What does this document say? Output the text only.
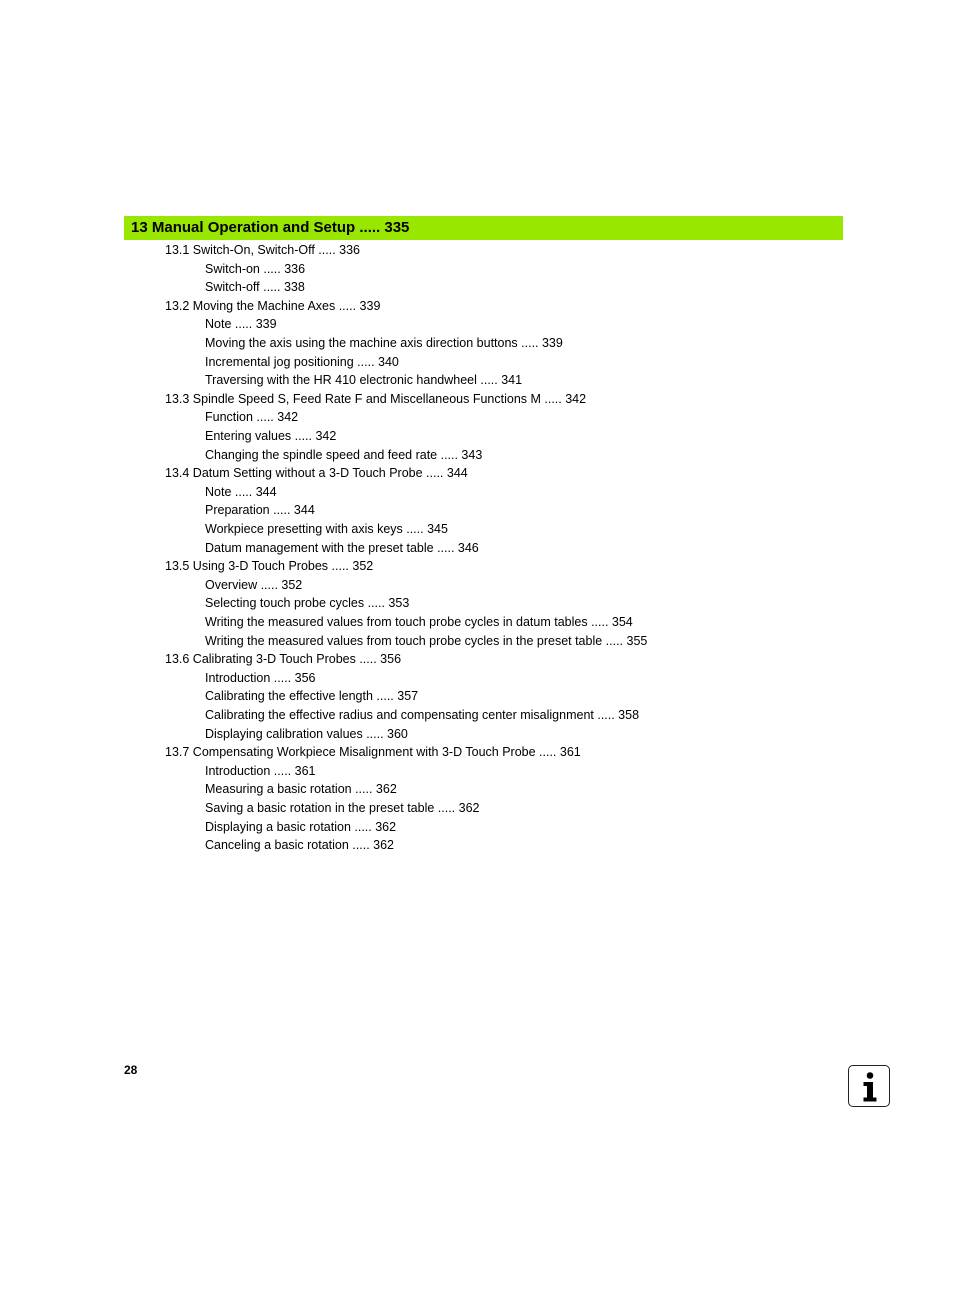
13 Manual Operation and Setup ..... 335
13.1 Switch-On, Switch-Off ..... 336
Switch-on ..... 336
Switch-off ..... 338
13.2 Moving the Machine Axes ..... 339
Note ..... 339
Moving the axis using the machine axis direction buttons ..... 339
Incremental jog positioning ..... 340
Traversing with the HR 410 electronic handwheel ..... 341
13.3 Spindle Speed S, Feed Rate F and Miscellaneous Functions M ..... 342
Function ..... 342
Entering values ..... 342
Changing the spindle speed and feed rate ..... 343
13.4 Datum Setting without a 3-D Touch Probe ..... 344
Note ..... 344
Preparation ..... 344
Workpiece presetting with axis keys ..... 345
Datum management with the preset table ..... 346
13.5 Using 3-D Touch Probes ..... 352
Overview ..... 352
Selecting touch probe cycles ..... 353
Writing the measured values from touch probe cycles in datum tables ..... 354
Writing the measured values from touch probe cycles in the preset table ..... 355
13.6 Calibrating 3-D Touch Probes ..... 356
Introduction ..... 356
Calibrating the effective length ..... 357
Calibrating the effective radius and compensating center misalignment ..... 358
Displaying calibration values ..... 360
13.7 Compensating Workpiece Misalignment with 3-D Touch Probe ..... 361
Introduction ..... 361
Measuring a basic rotation ..... 362
Saving a basic rotation in the preset table ..... 362
Displaying a basic rotation ..... 362
Canceling a basic rotation ..... 362
28
